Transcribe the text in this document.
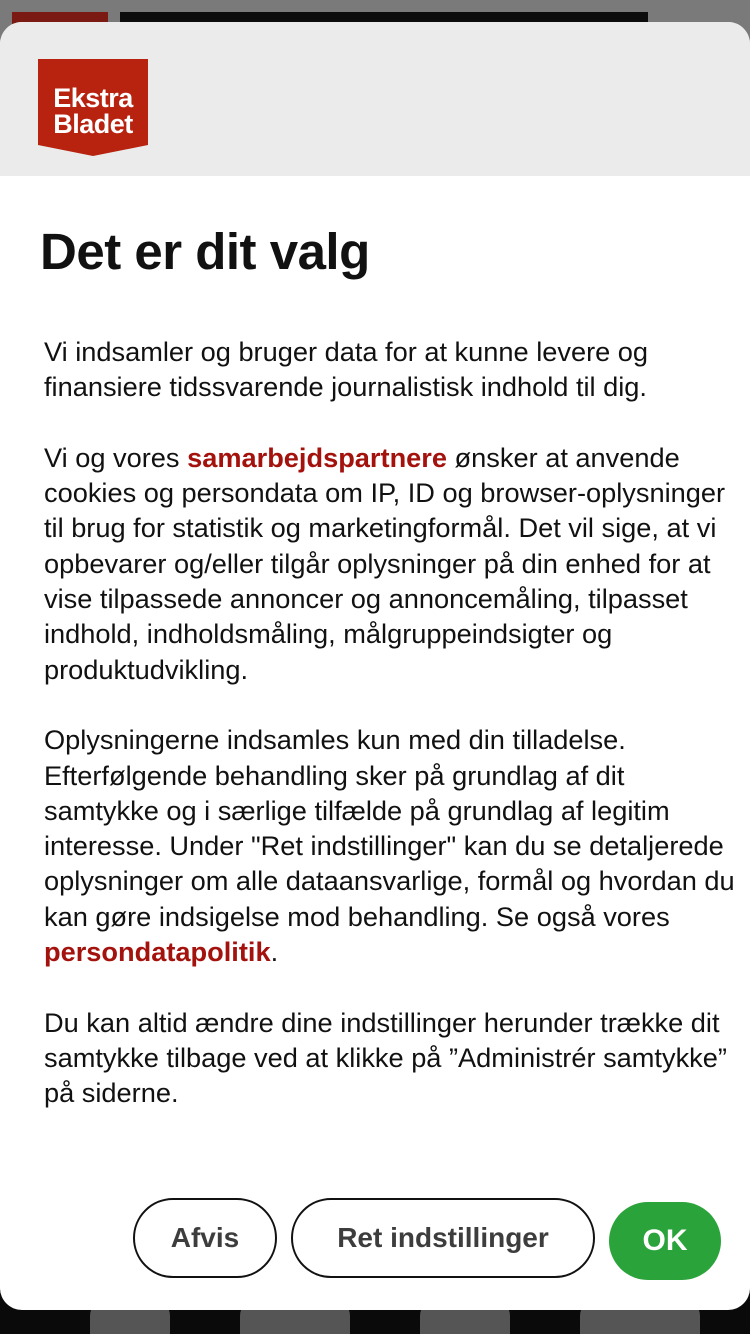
Ekstra
Bladet
Det er dit valg

Vi indsamler og bruger data for at kunne levere og finansiere tidssvarende journalistisk indhold til dig.

Vi og vores samarbejdspartnere ønsker at anvende cookies og persondata om IP, ID og browser-oplysninger til brug for statistik og marketingformål. Det vil sige, at vi opbevarer og/eller tilgår oplysninger på din enhed for at vise tilpassede annoncer og annoncemåling, tilpasset indhold, indholdsmåling, målgruppeindsigter og produktudvikling.

Oplysningerne indsamles kun med din tilladelse. Efterfølgende behandling sker på grundlag af dit samtykke og i særlige tilfælde på grundlag af legitim interesse. Under "Ret indstillinger" kan du se detaljerede oplysninger om alle dataansvarlige, formål og hvordan du kan gøre indsigelse mod behandling. Se også vores persondatapolitik.

Du kan altid ændre dine indstillinger herunder trække dit samtykke tilbage ved at klikke på ”Administrér samtykke” på siderne.

Afvis	Ret indstillinger	OK
